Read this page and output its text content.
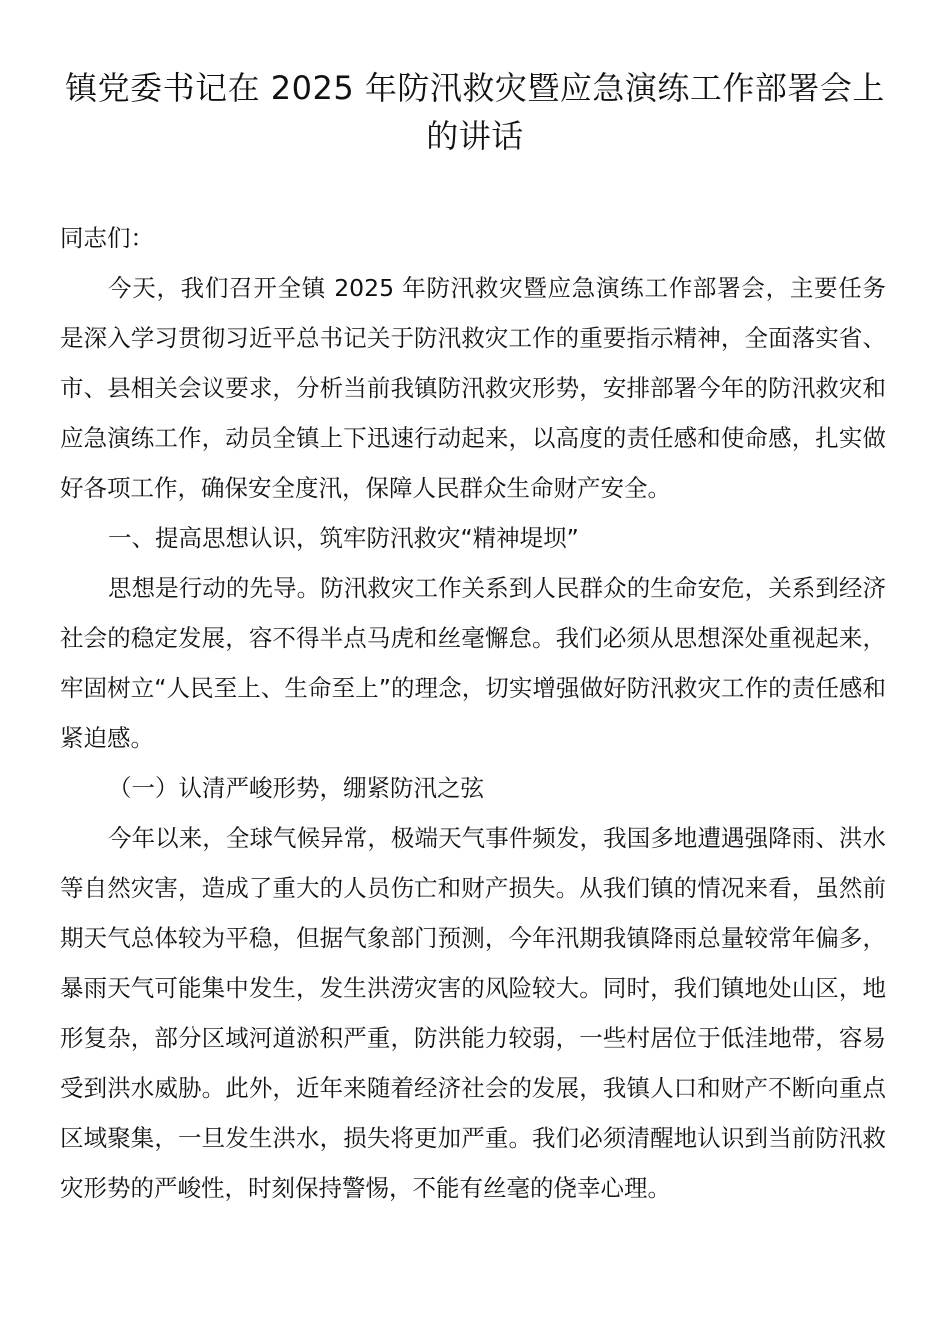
镇党委书记在 2025 年防汛救灾暨应急演练工作部署会上的讲话

同志们：

今天，我们召开全镇 2025 年防汛救灾暨应急演练工作部署会，主要任务是深入学习贯彻习近平总书记关于防汛救灾工作的重要指示精神，全面落实省、市、县相关会议要求，分析当前我镇防汛救灾形势，安排部署今年的防汛救灾和应急演练工作，动员全镇上下迅速行动起来，以高度的责任感和使命感，扎实做好各项工作，确保安全度汛，保障人民群众生命财产安全。

一、提高思想认识，筑牢防汛救灾“精神堤坝”

思想是行动的先导。防汛救灾工作关系到人民群众的生命安危，关系到经济社会的稳定发展，容不得半点马虎和丝毫懈怠。我们必须从思想深处重视起来，牢固树立“人民至上、生命至上”的理念，切实增强做好防汛救灾工作的责任感和紧迫感。

（一）认清严峻形势，绷紧防汛之弦

今年以来，全球气候异常，极端天气事件频发，我国多地遭遇强降雨、洪水等自然灾害，造成了重大的人员伤亡和财产损失。从我们镇的情况来看，虽然前期天气总体较为平稳，但据气象部门预测，今年汛期我镇降雨总量较常年偏多，暴雨天气可能集中发生，发生洪涝灾害的风险较大。同时，我们镇地处山区，地形复杂，部分区域河道淤积严重，防洪能力较弱，一些村居位于低洼地带，容易受到洪水威胁。此外，近年来随着经济社会的发展，我镇人口和财产不断向重点区域聚集，一旦发生洪水，损失将更加严重。我们必须清醒地认识到当前防汛救灾形势的严峻性，时刻保持警惕，不能有丝毫的侥幸心理。
